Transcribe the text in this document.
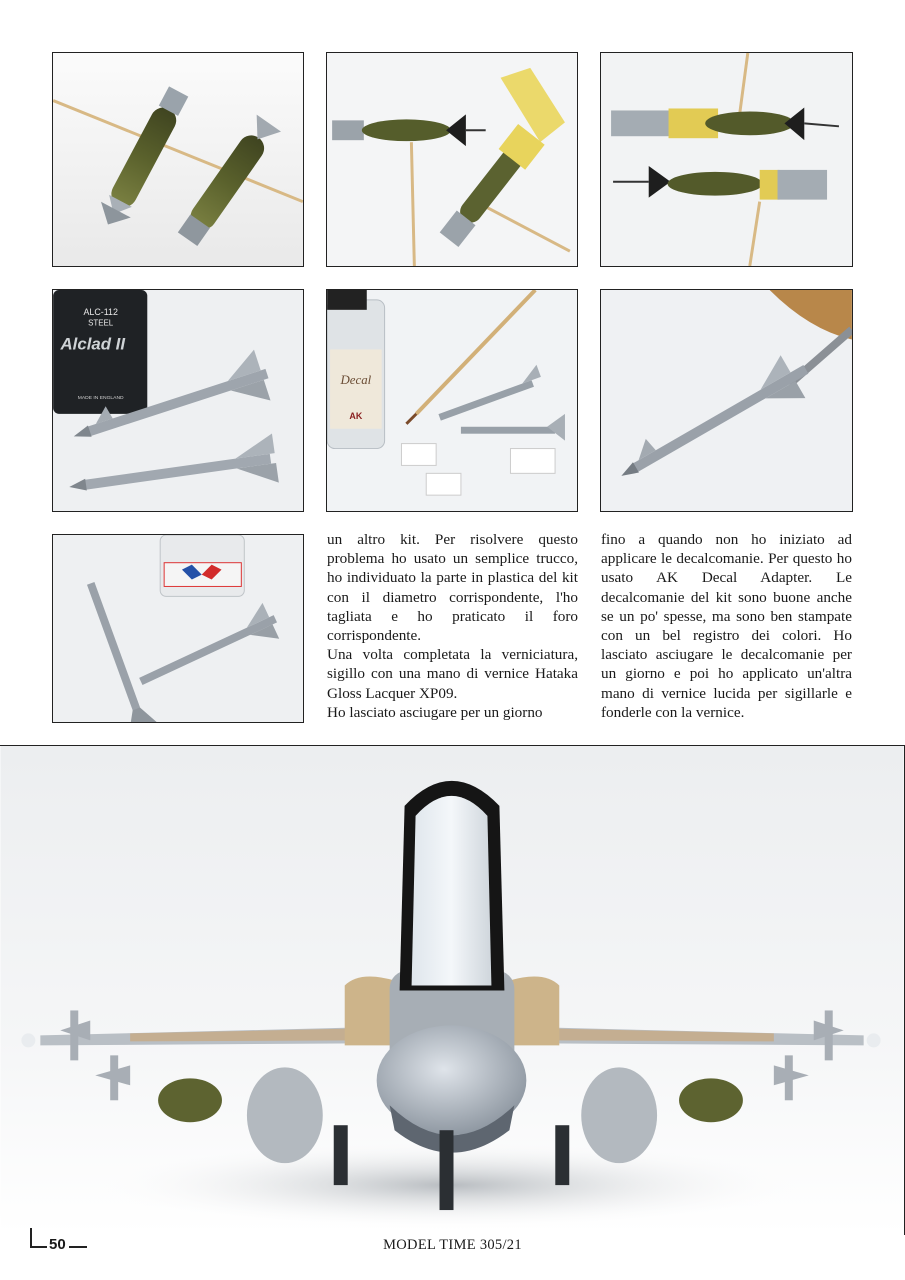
ALC-112
STEEL
Alclad II
MADE IN ENGLAND
Decal
AK

un altro kit. Per risolvere questo problema ho usato un semplice trucco, ho individuato la parte in plastica del kit con il diametro corrispondente, l'ho tagliata e ho praticato il foro corrispondente.

Una volta completata la verniciatura, sigillo con una mano di vernice Hataka Gloss Lacquer XP09.

Ho lasciato asciugare per un giorno

fino a quando non ho iniziato ad applicare le decalcomanie. Per questo ho usato AK Decal Adapter. Le decalcomanie del kit sono buone anche se un po' spesse, ma sono ben stampate con un bel registro dei colori. Ho lasciato asciugare le decalcomanie per un giorno e poi ho applicato un'altra mano di vernice lucida per sigillarle e fonderle con la vernice.

50	MODEL TIME 305/21
